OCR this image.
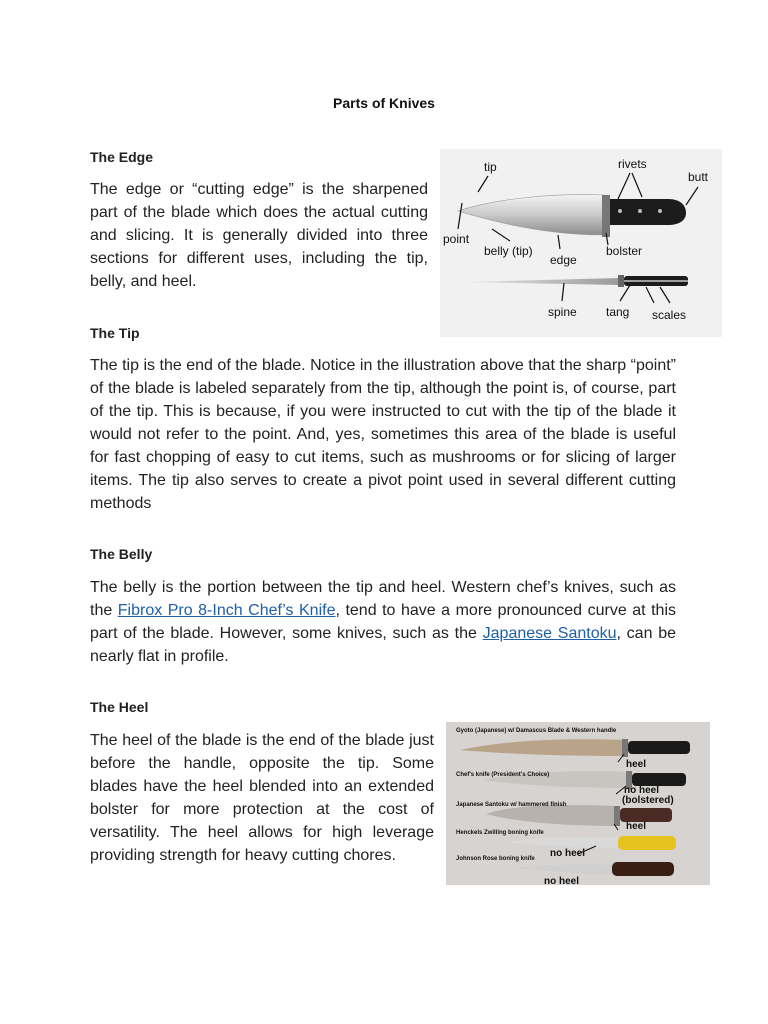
Parts of Knives
The Edge

The edge or “cutting edge” is the sharpened part of the blade which does the actual cutting and slicing. It is generally divided into three sections for different uses, including the tip, belly, and heel.

tip	rivets
butt
point
belly (tip)
edge
bolster
spine tang scales
The Tip

The tip is the end of the blade. Notice in the illustration above that the sharp “point” of the blade is labeled separately from the tip, although the point is, of course, part of the tip. This is because, if you were instructed to cut with the tip of the blade it would not refer to the point. And, yes, sometimes this area of the blade is useful for fast chopping of easy to cut items, such as mushrooms or for slicing of larger items. The tip also serves to create a pivot point used in several different cutting methods

The Belly

The belly is the portion between the tip and heel. Western chef’s knives, such as the Fibrox Pro 8-Inch Chef’s Knife, tend to have a more pronounced curve at this part of the blade. However, some knives, such as the Japanese Santoku, can be nearly flat in profile.

The Heel

The heel of the blade is the end of the blade just before the handle, opposite the tip. Some blades have the heel blended into an extended bolster for more protection at the cost of versatility. The heel allows for high leverage providing strength for heavy cutting chores.

Gyoto (Japanese) w/ Damascus Blade & Western handle
Chef's knife (President's Choice)
Japanese Santoku w/ hammered finish
Henckels Zwilling boning knife
Johnson Rose boning knife
heel
no heel
(bolstered)
heel
no heel
no heel
